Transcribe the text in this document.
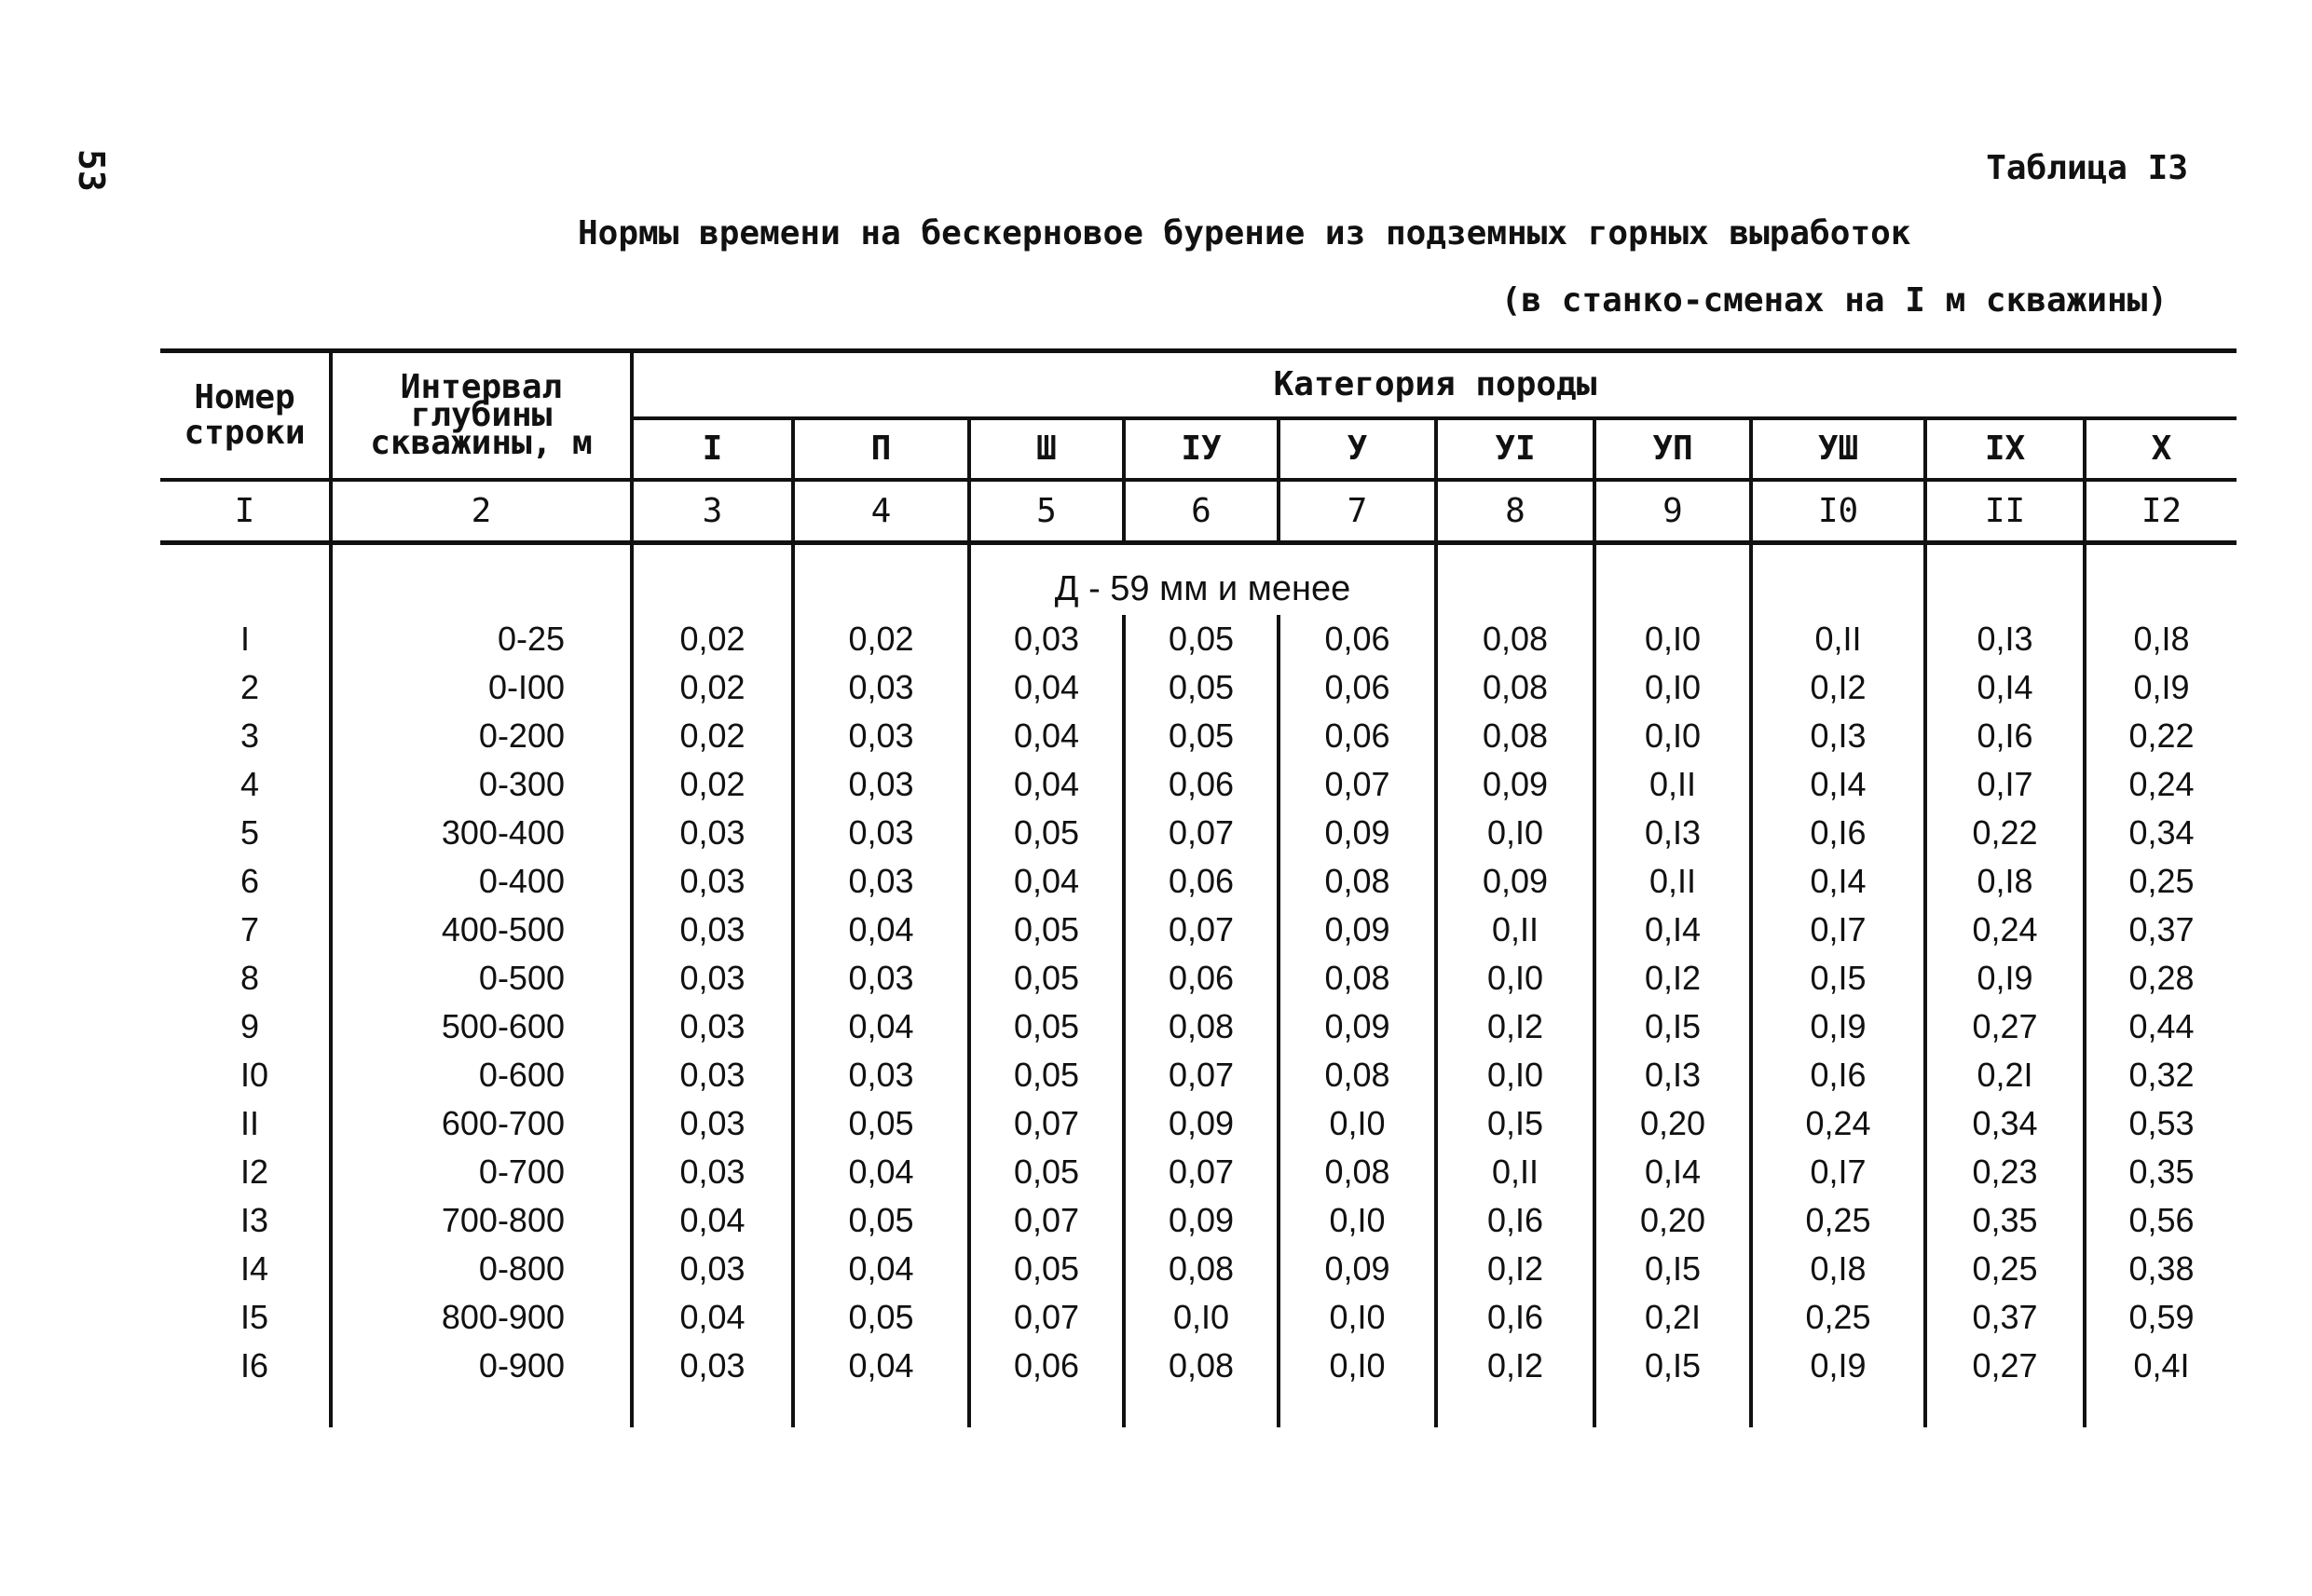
53	Таблица I3
Нормы времени на бескерновое бурение из подземных горных выработок
(в станко-сменах на I м скважины)
Номер строки	Интервал глубины скважины, м	Категория породы									
		I	П	Ш	IУ	У	УI	УП	УШ	IX	X
I	2	3	4	5	6	7	8	9	I0	II	I2
				Д - 59 мм и менее							
I	0-25	0,02	0,02	0,03	0,05	0,06	0,08	0,I0	0,II	0,I3	0,I8
2	0-I00	0,02	0,03	0,04	0,05	0,06	0,08	0,I0	0,I2	0,I4	0,I9
3	0-200	0,02	0,03	0,04	0,05	0,06	0,08	0,I0	0,I3	0,I6	0,22
4	0-300	0,02	0,03	0,04	0,06	0,07	0,09	0,II	0,I4	0,I7	0,24
5	300-400	0,03	0,03	0,05	0,07	0,09	0,I0	0,I3	0,I6	0,22	0,34
6	0-400	0,03	0,03	0,04	0,06	0,08	0,09	0,II	0,I4	0,I8	0,25
7	400-500	0,03	0,04	0,05	0,07	0,09	0,II	0,I4	0,I7	0,24	0,37
8	0-500	0,03	0,03	0,05	0,06	0,08	0,I0	0,I2	0,I5	0,I9	0,28
9	500-600	0,03	0,04	0,05	0,08	0,09	0,I2	0,I5	0,I9	0,27	0,44
I0	0-600	0,03	0,03	0,05	0,07	0,08	0,I0	0,I3	0,I6	0,2I	0,32
II	600-700	0,03	0,05	0,07	0,09	0,I0	0,I5	0,20	0,24	0,34	0,53
I2	0-700	0,03	0,04	0,05	0,07	0,08	0,II	0,I4	0,I7	0,23	0,35
I3	700-800	0,04	0,05	0,07	0,09	0,I0	0,I6	0,20	0,25	0,35	0,56
I4	0-800	0,03	0,04	0,05	0,08	0,09	0,I2	0,I5	0,I8	0,25	0,38
I5	800-900	0,04	0,05	0,07	0,I0	0,I0	0,I6	0,2I	0,25	0,37	0,59
I6	0-900	0,03	0,04	0,06	0,08	0,I0	0,I2	0,I5	0,I9	0,27	0,4I
